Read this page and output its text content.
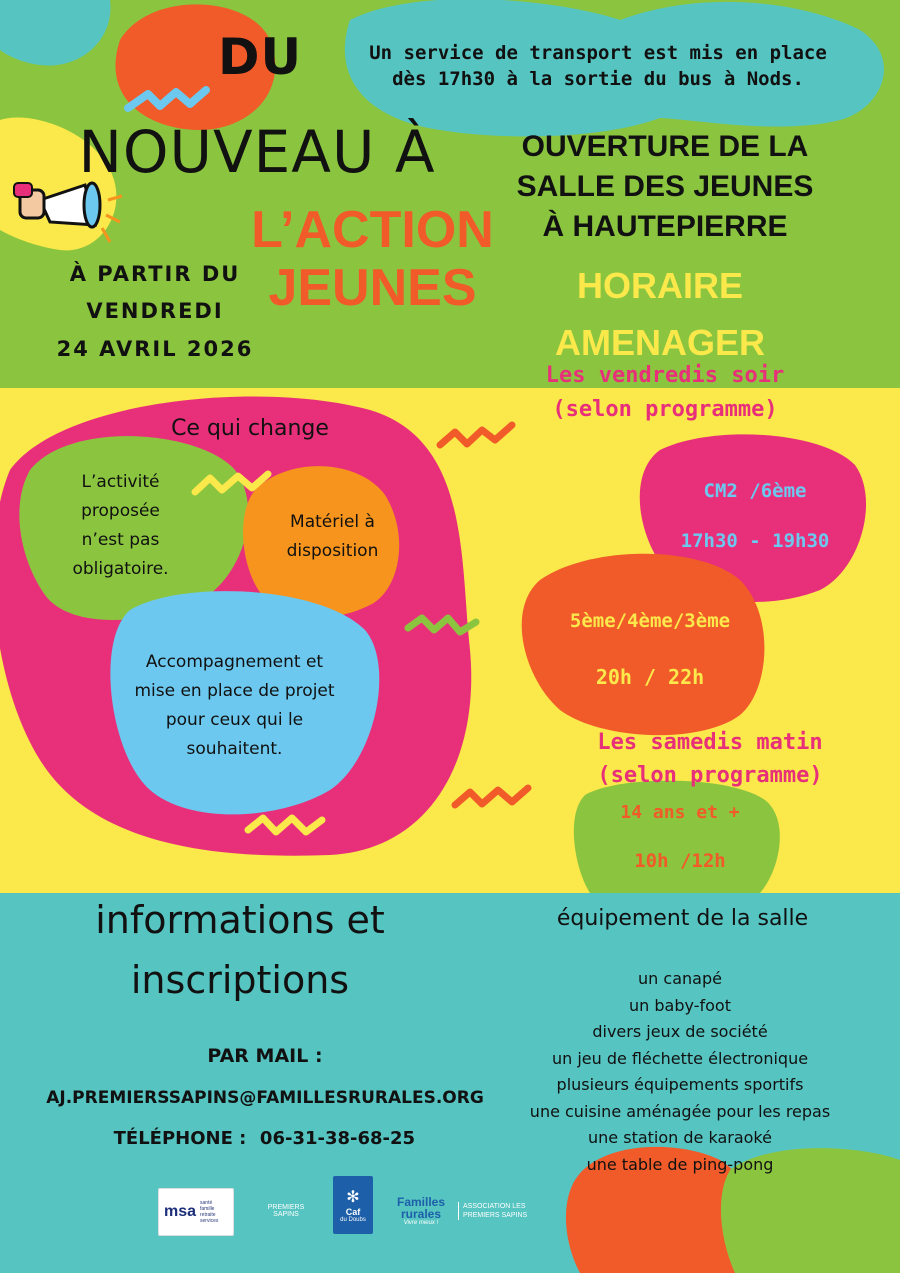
DU

NOUVEAU À

L’ACTION

JEUNES

À PARTIR DU

VENDREDI

24 AVRIL 2026

Un service de transport est mis en place dès 17h30 à la sortie du bus à Nods.

OUVERTURE DE LA

SALLE DES JEUNES

À HAUTEPIERRE

HORAIRE

AMENAGER

Ce qui change

L’activité proposée n’est pas obligatoire.

Matériel à disposition

Accompagnement et mise en place de projet pour ceux qui le souhaitent.

Les vendredis soir

(selon programme)

CM2 /6ème

17h30 - 19h30

5ème/4ème/3ème

20h / 22h

Les samedis matin

(selon programme)

14 ans et +

10h /12h

informations et

inscriptions

PAR MAIL :

AJ.PREMIERSSAPINS@FAMILLESRURALES.ORG

TÉLÉPHONE : 06-31-38-68-25

équipement de la salle

un canapé
un baby-foot
divers jeux de société
un jeu de fléchette électronique
plusieurs équipements sportifs
une cuisine aménagée pour les repas
une station de karaoké
une table de ping-pong
msa santé famille retraite services
PREMIERS SAPINS
✻
Caf
du Doubs
Familles rurales
Vivre mieux !
ASSOCIATION LES PREMIERS SAPINS
